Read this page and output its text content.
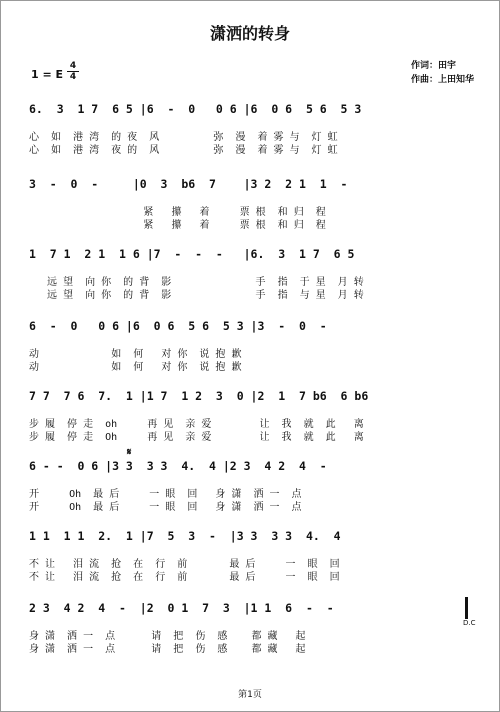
潇洒的转身
1 = E
4
4
作词：田宇
作曲：上田知华
6.  3  1 7  6 5 |6  -  0   0 6 |6  0 6  5 6  5 3
心  如  港 湾  的 夜  风         弥  漫  着 雾 与  灯 虹
心  如  港 湾  夜 的  风         弥  漫  着 雾 与  灯 虹
3  -  0  -     |0  3  b6  7    |3 2  2 1  1  -
紧   攥   着     票 根  和 归  程
紧   攥   着     票 根  和 归  程
1  7 1  2 1  1 6 |7  -  -  -   |6.  3  1 7  6 5
远 望  向 你  的 背  影              手  指  于 星  月 转
远 望  向 你  的 背  影              手  指  与 星  月 转
6  -  0   0 6 |6  0 6  5 6  5 3 |3  -  0  -
动            如  何   对 你  说 抱 歉
动            如  何   对 你  说 抱 歉
7 7  7 6  7.  1 |1 7  1 2  3  0 |2  1  7 b6  6 b6
步 履  停 走  oh     再 见  亲 爱        让  我  就  此   离
步 履  停 走  Oh     再 见  亲 爱        让  我  就  此   离
𝄋
6 - -  0 6 |3 3  3 3  4.  4 |2 3  4 2  4  -
开     Oh  最 后     一 眼  回   身 潇  洒 一  点
开     Oh  最 后     一 眼  回   身 潇  洒 一  点
1 1  1 1  2.  1 |7  5  3  -  |3 3  3 3  4.  4
不 让   泪 流  抢  在  行  前       最 后     一  眼  回
不 让   泪 流  抢  在  行  前       最 后     一  眼  回
2 3  4 2  4  -  |2  0 1  7  3  |1 1  6  -  -
身 潇  洒 一  点      请  把  伤  感    都 藏   起
身 潇  洒 一  点      请  把  伤  感    都 藏   起
D.C
第1页
